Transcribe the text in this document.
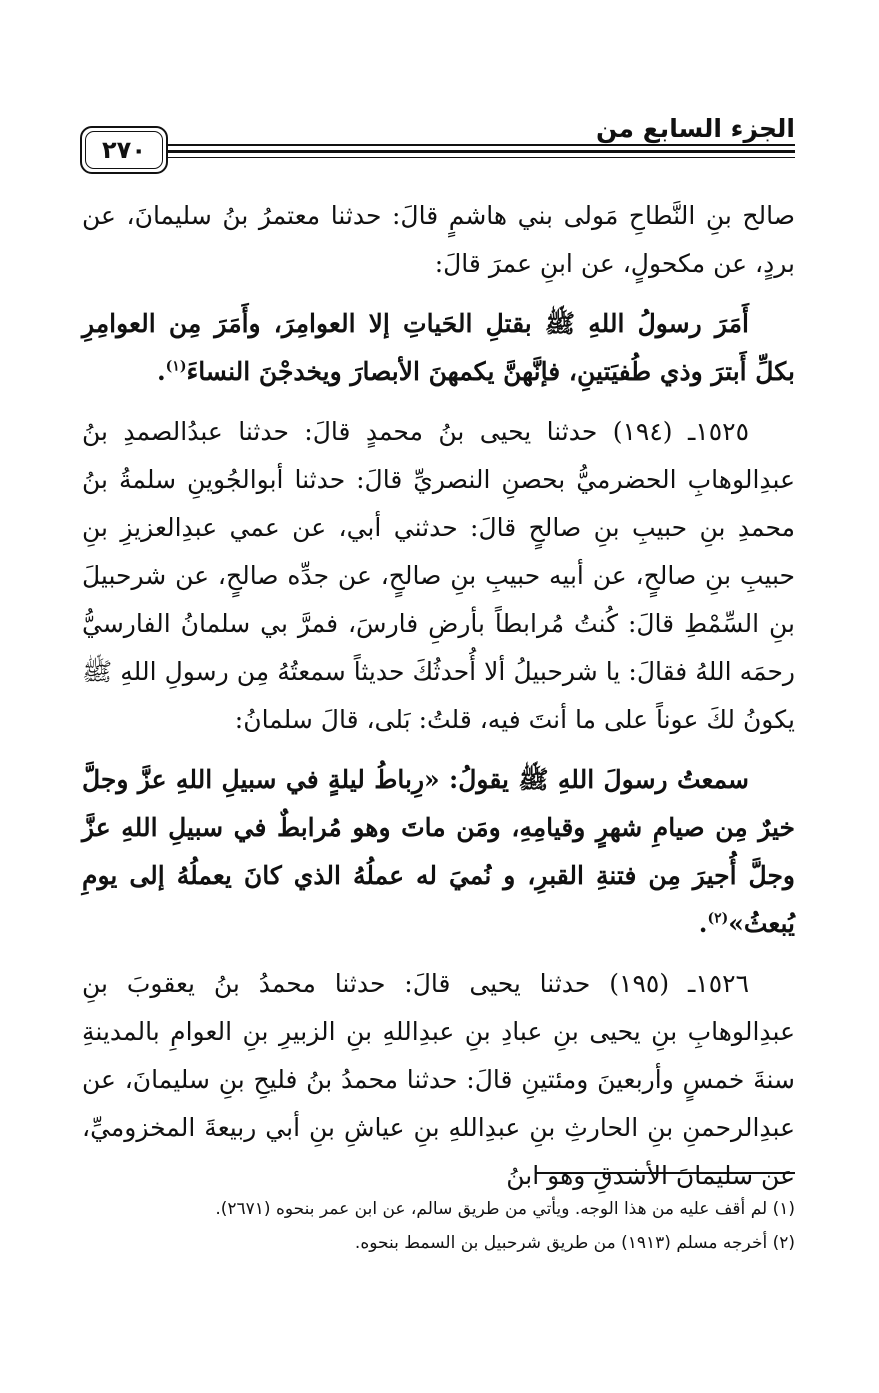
الجزء السابع من
٢٧٠

صالح بنِ النَّطاحِ مَولى بني هاشمٍ قالَ: حدثنا معتمرُ بنُ سليمانَ، عن بردٍ، عن مكحولٍ، عن ابنِ عمرَ قالَ:

أَمَرَ رسولُ اللهِ ﷺ بقتلِ الحَياتِ إلا العوامِرَ، وأَمَرَ مِن العوامِرِ بكلِّ أَبترَ وذي طُفيَتينِ، فإنَّهنَّ يكمهنَ الأبصارَ ويخدجْنَ النساءَ$^{(١)}$.

١٥٢٥ـ (١٩٤) حدثنا يحيى بنُ محمدٍ قالَ: حدثنا عبدُالصمدِ بنُ عبدِالوهابِ الحضرميُّ بحصنِ النصريِّ قالَ: حدثنا أبوالجُوينِ سلمةُ بنُ محمدِ بنِ حبيبِ بنِ صالحٍ قالَ: حدثني أبي، عن عمي عبدِالعزيزِ بنِ حبيبِ بنِ صالحٍ، عن أبيه حبيبِ بنِ صالحٍ، عن جدِّه صالحٍ، عن شرحبيلَ بنِ السِّمْطِ قالَ: كُنتُ مُرابطاً بأرضِ فارسَ، فمرَّ بي سلمانُ الفارسيُّ رحمَه اللهُ فقالَ: يا شرحبيلُ ألا أُحدثُكَ حديثاً سمعتُهُ مِن رسولِ اللهِ ﷺ يكونُ لكَ عوناً على ما أنتَ فيه، قلتُ: بَلى، قالَ سلمانُ:

سمعتُ رسولَ اللهِ ﷺ يقولُ: «رِباطُ ليلةٍ في سبيلِ اللهِ عزَّ وجلَّ خيرٌ مِن صيامِ شهرٍ وقيامِهِ، ومَن ماتَ وهو مُرابطٌ في سبيلِ اللهِ عزَّ وجلَّ أُجيرَ مِن فتنةِ القبرِ، و نُميَ له عملُهُ الذي كانَ يعملُهُ إلى يومِ يُبعثُ»$^{(٢)}$.

١٥٢٦ـ (١٩٥) حدثنا يحيى قالَ: حدثنا محمدُ بنُ يعقوبَ بنِ عبدِالوهابِ بنِ يحيى بنِ عبادِ بنِ عبدِاللهِ بنِ الزبيرِ بنِ العوامِ بالمدينةِ سنةَ خمسٍ وأربعينَ ومئتينِ قالَ: حدثنا محمدُ بنُ فليحِ بنِ سليمانَ، عن عبدِالرحمنِ بنِ الحارثِ بنِ عبدِاللهِ بنِ عياشِ بنِ أبي ربيعةَ المخزوميِّ، عن سليمانَ الأشدقِ وهو ابنُ

(١) لم أقف عليه من هذا الوجه. ويأتي من طريق سالم، عن ابن عمر بنحوه (٢٦٧١).

(٢) أخرجه مسلم (١٩١٣) من طريق شرحبيل بن السمط بنحوه.
